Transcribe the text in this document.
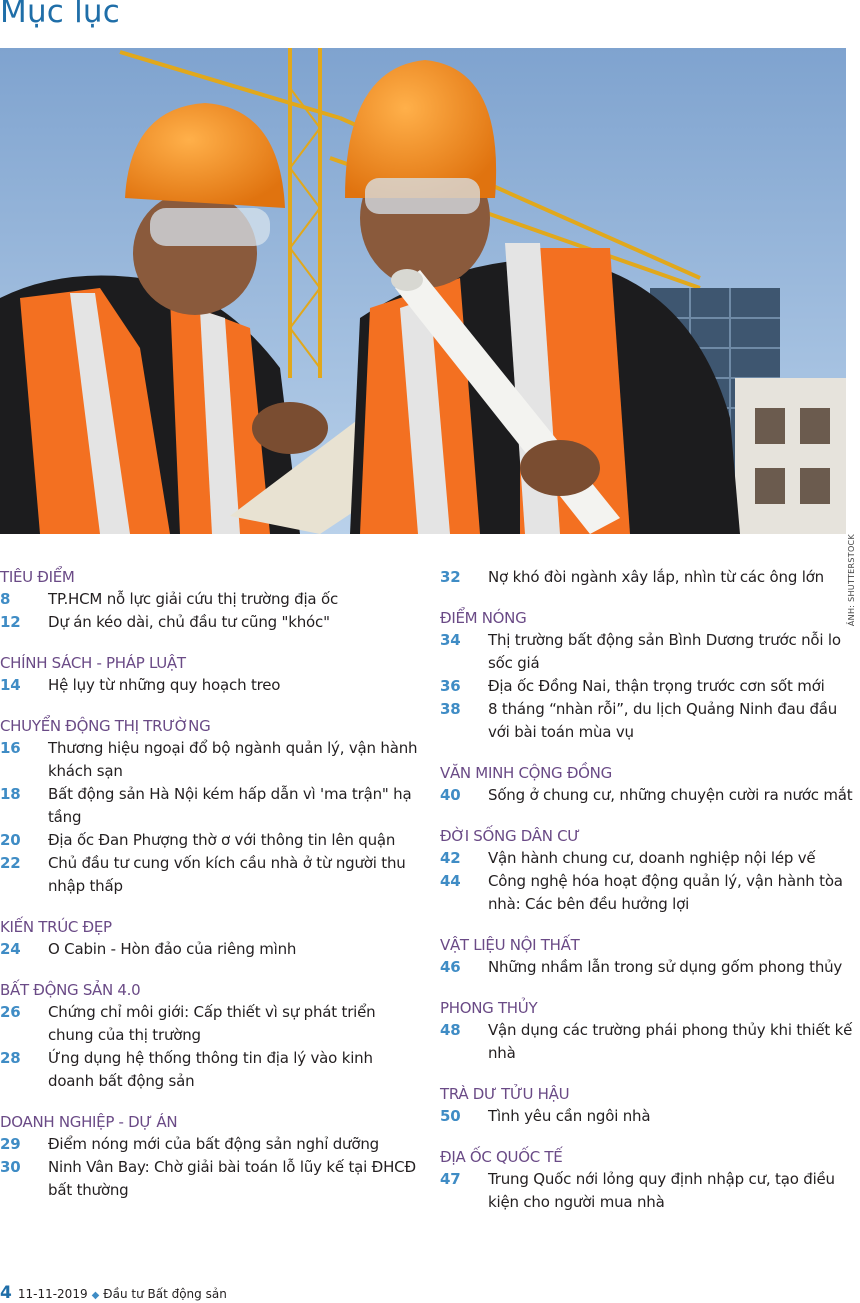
Mục lục
ẢNH: SHUTTERSTOCK
TIÊU ĐIỂM
8	TP.HCM nỗ lực giải cứu thị trường địa ốc
12	Dự án kéo dài, chủ đầu tư cũng "khóc"
CHÍNH SÁCH - PHÁP LUẬT
14	Hệ lụy từ những quy hoạch treo
CHUYỂN ĐỘNG THỊ TRƯỜNG
16	Thương hiệu ngoại đổ bộ ngành quản lý, vận hành khách sạn
18	Bất động sản Hà Nội kém hấp dẫn vì 'ma trận" hạ tầng
20	Địa ốc Đan Phượng thờ ơ với thông tin lên quận
22	Chủ đầu tư cung vốn kích cầu nhà ở từ người thu nhập thấp
KIẾN TRÚC ĐẸP
24	O Cabin - Hòn đảo của riêng mình
BẤT ĐỘNG SẢN 4.0
26	Chứng chỉ môi giới: Cấp thiết vì sự phát triển chung của thị trường
28	Ứng dụng hệ thống thông tin địa lý vào kinh doanh bất động sản
DOANH NGHIỆP - DỰ ÁN
29	Điểm nóng mới của bất động sản nghỉ dưỡng
30	Ninh Vân Bay: Chờ giải bài toán lỗ lũy kế tại ĐHCĐ bất thường
32	Nợ khó đòi ngành xây lắp, nhìn từ các ông lớn
ĐIỂM NÓNG
34	Thị trường bất động sản Bình Dương trước nỗi lo sốc giá
36	Địa ốc Đồng Nai, thận trọng trước cơn sốt mới
38	8 tháng “nhàn rỗi”, du lịch Quảng Ninh đau đầu với bài toán mùa vụ
VĂN MINH CỘNG ĐỒNG
40	Sống ở chung cư, những chuyện cười ra nước mắt
ĐỜI SỐNG DÂN CƯ
42	Vận hành chung cư, doanh nghiệp nội lép vế
44	Công nghệ hóa hoạt động quản lý, vận hành tòa nhà: Các bên đều hưởng lợi
VẬT LIỆU NỘI THẤT
46	Những nhầm lẫn trong sử dụng gốm phong thủy
PHONG THỦY
48	Vận dụng các trường phái phong thủy khi thiết kế nhà
TRÀ DƯ TỬU HẬU
50	Tình yêu cần ngôi nhà
ĐỊA ỐC QUỐC TẾ
47	Trung Quốc nới lỏng quy định nhập cư, tạo điều kiện cho người mua nhà
4 11-11-2019 ◆ Đầu tư Bất động sản
